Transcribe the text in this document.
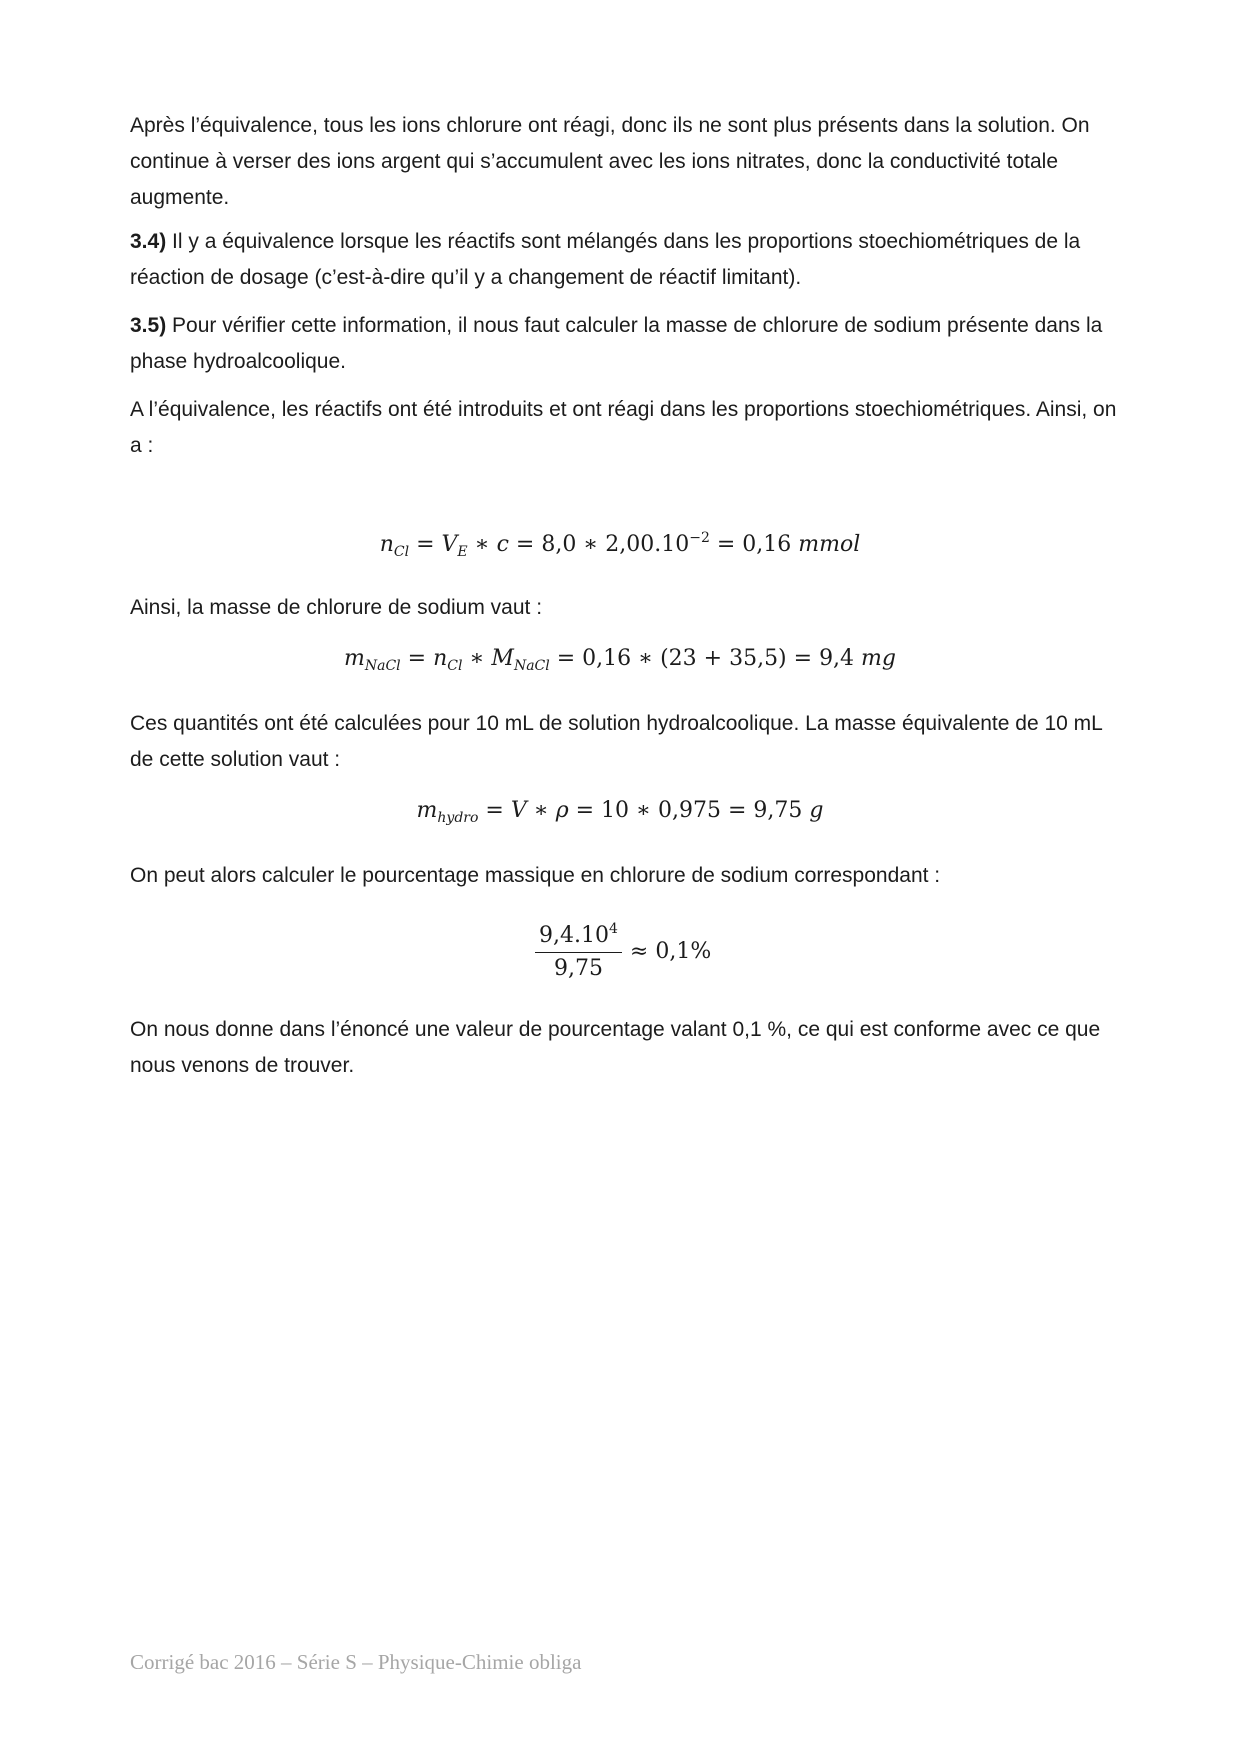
Après l’équivalence, tous les ions chlorure ont réagi, donc ils ne sont plus présents dans la solution. On continue à verser des ions argent qui s’accumulent avec les ions nitrates, donc la conductivité totale augmente.

3.4) Il y a équivalence lorsque les réactifs sont mélangés dans les proportions stoechiométriques de la réaction de dosage (c’est-à-dire qu’il y a changement de réactif limitant).

3.5) Pour vérifier cette information, il nous faut calculer la masse de chlorure de sodium présente dans la phase hydroalcoolique.

A l’équivalence, les réactifs ont été introduits et ont réagi dans les proportions stoechiométriques. Ainsi, on a :

$n_{Cl} = V_E$ ∗ c = 8,0 ∗ $2,00.10^{-2} = 0,16$ mmol

Ainsi, la masse de chlorure de sodium vaut :

$m_{NaCl} = n_{Cl}$ ∗ $M_{NaCl} = 0,16$ ∗ (23 + 35,5) = 9,4 mg

Ces quantités ont été calculées pour 10 mL de solution hydroalcoolique. La masse équivalente de 10 mL de cette solution vaut :

$m_{hydro} = V$ ∗ ρ = 10 ∗ 0,975 = 9,75 g

On peut alors calculer le pourcentage massique en chlorure de sodium correspondant :

$\frac{9,4.10^4}{9,75} \approx 0,1\%$

On nous donne dans l’énoncé une valeur de pourcentage valant 0,1 %, ce qui est conforme avec ce que nous venons de trouver.

Corrigé bac 2016 – Série S – Physique-Chimie obliga
